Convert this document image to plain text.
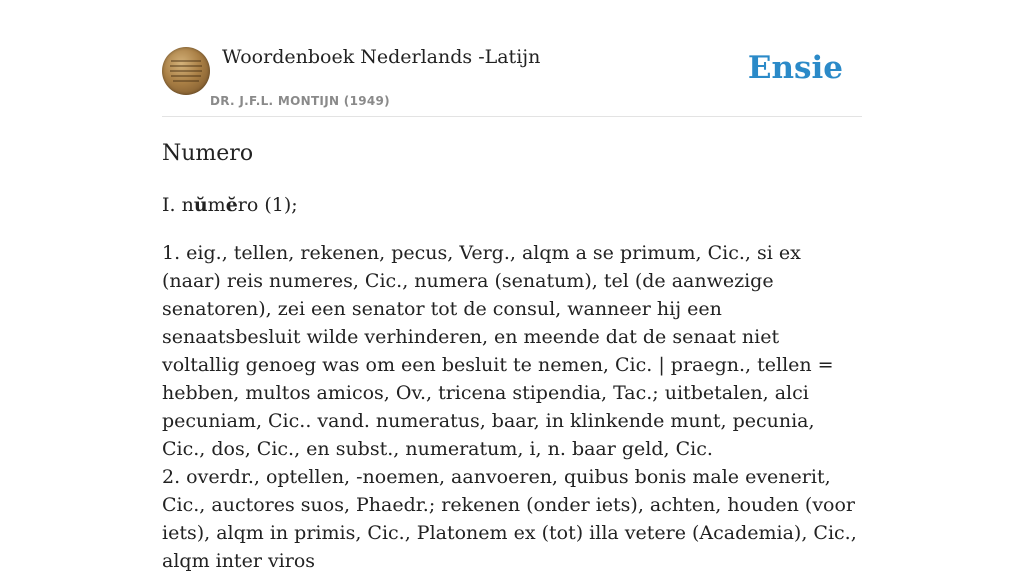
Woordenboek Nederlands -Latijn
DR. J.F.L. MONTIJN (1949)
Ensie
Numero
I. nŭmĕro (1);

1. eig., tellen, rekenen, pecus, Verg., alqm a se primum, Cic., si ex (naar) reis numeres, Cic., numera (senatum), tel (de aanwezige senatoren), zei een senator tot de consul, wanneer hij een senaatsbesluit wilde verhinderen, en meende dat de senaat niet voltallig genoeg was om een besluit te nemen, Cic. | praegn., tellen = hebben, multos amicos, Ov., tricena stipendia, Tac.; uitbetalen, alci pecuniam, Cic.. vand. numeratus, baar, in klinkende munt, pecunia, Cic., dos, Cic., en subst., numeratum, i, n. baar geld, Cic.

2. overdr., optellen, -noemen, aanvoeren, quibus bonis male evenerit, Cic., auctores suos, Phaedr.; rekenen (onder iets), achten, houden (voor iets), alqm in primis, Cic., Platonem ex (tot) illa vetere (Academia), Cic., alqm inter viros
